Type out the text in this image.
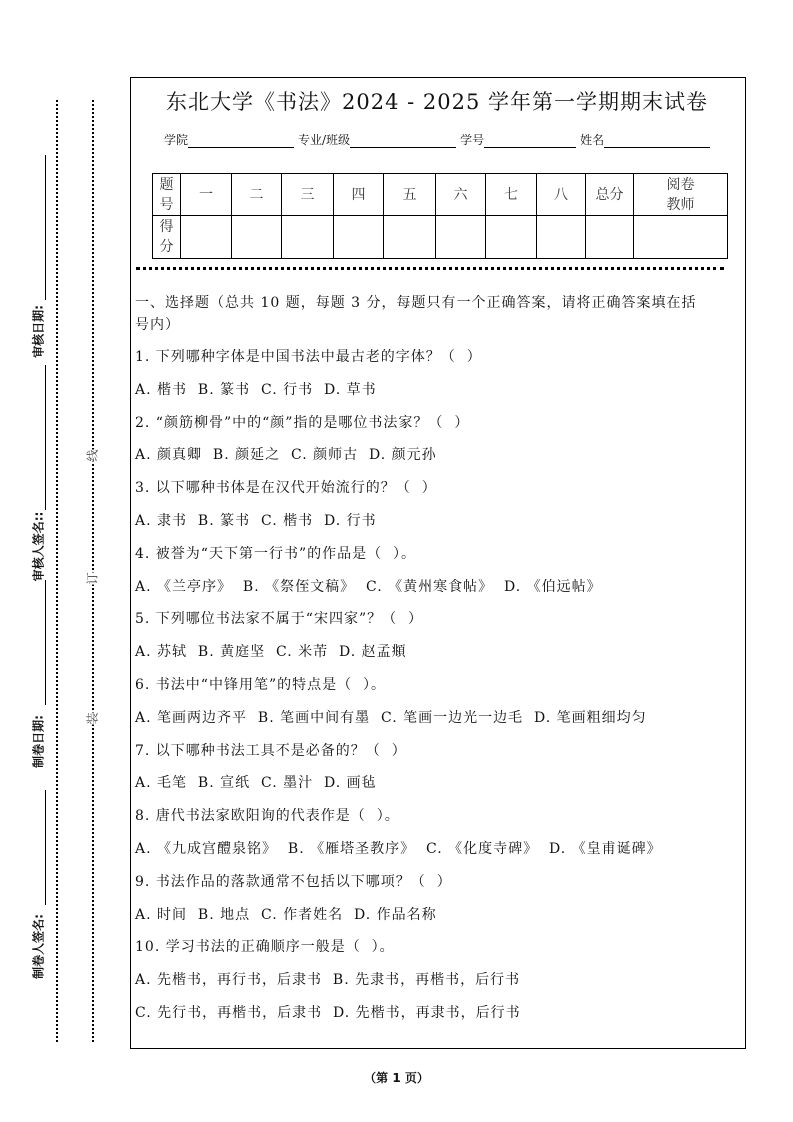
东北大学《书法》2024 - 2025 学年第一学期期末试卷
学院	专业/班级	学号	姓名
题号	一	二	三	四	五	六	七	八	总分	阅卷教师
得分										
一、选择题（总共 10 题，每题 3 分，每题只有一个正确答案，请将正确答案填在括
号内）
1. 下列哪种字体是中国书法中最古老的字体？（  ）
A. 楷书  B. 篆书  C. 行书  D. 草书
2. “颜筋柳骨”中的“颜”指的是哪位书法家？（  ）
A. 颜真卿  B. 颜延之  C. 颜师古  D. 颜元孙
3. 以下哪种书体是在汉代开始流行的？（  ）
A. 隶书  B. 篆书  C. 楷书  D. 行书
4. 被誉为“天下第一行书”的作品是（  ）。
A. 《兰亭序》  B. 《祭侄文稿》  C. 《黄州寒食帖》  D. 《伯远帖》
5. 下列哪位书法家不属于“宋四家”？（  ）
A. 苏轼  B. 黄庭坚  C. 米芾  D. 赵孟頫
6. 书法中“中锋用笔”的特点是（  ）。
A. 笔画两边齐平  B. 笔画中间有墨  C. 笔画一边光一边毛  D. 笔画粗细均匀
7. 以下哪种书法工具不是必备的？（  ）
A. 毛笔  B. 宣纸  C. 墨汁  D. 画毡
8. 唐代书法家欧阳询的代表作是（  ）。
A. 《九成宫醴泉铭》  B. 《雁塔圣教序》  C. 《化度寺碑》  D. 《皇甫诞碑》
9. 书法作品的落款通常不包括以下哪项？（  ）
A. 时间  B. 地点  C. 作者姓名  D. 作品名称
10. 学习书法的正确顺序一般是（  ）。
A. 先楷书，再行书，后隶书  B. 先隶书，再楷书，后行书
C. 先行书，再楷书，后隶书  D. 先楷书，再隶书，后行书
审核日期:
审核人签名::
制卷日期:
制卷人签名:
线
订
装
（第 1 页）
